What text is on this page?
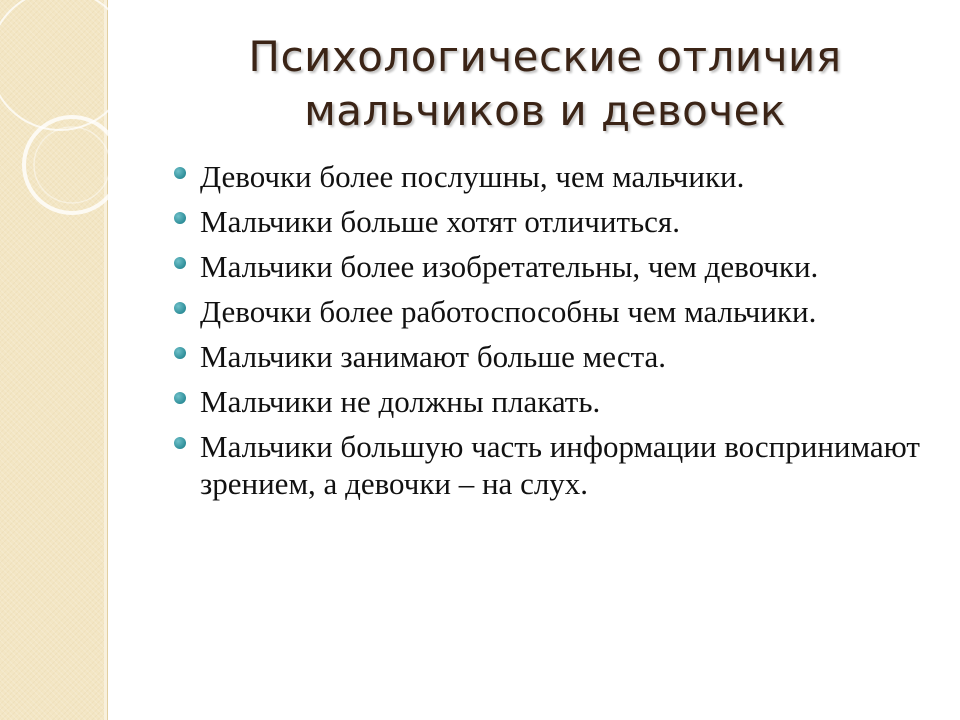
Психологические отличия
мальчиков и девочек
Девочки более послушны, чем мальчики.
Мальчики больше хотят отличиться.
Мальчики более изобретательны, чем девочки.
Девочки более работоспособны чем мальчики.
Мальчики занимают больше места.
Мальчики не должны плакать.
Мальчики большую часть информации воспринимают зрением, а девочки – на слух.
